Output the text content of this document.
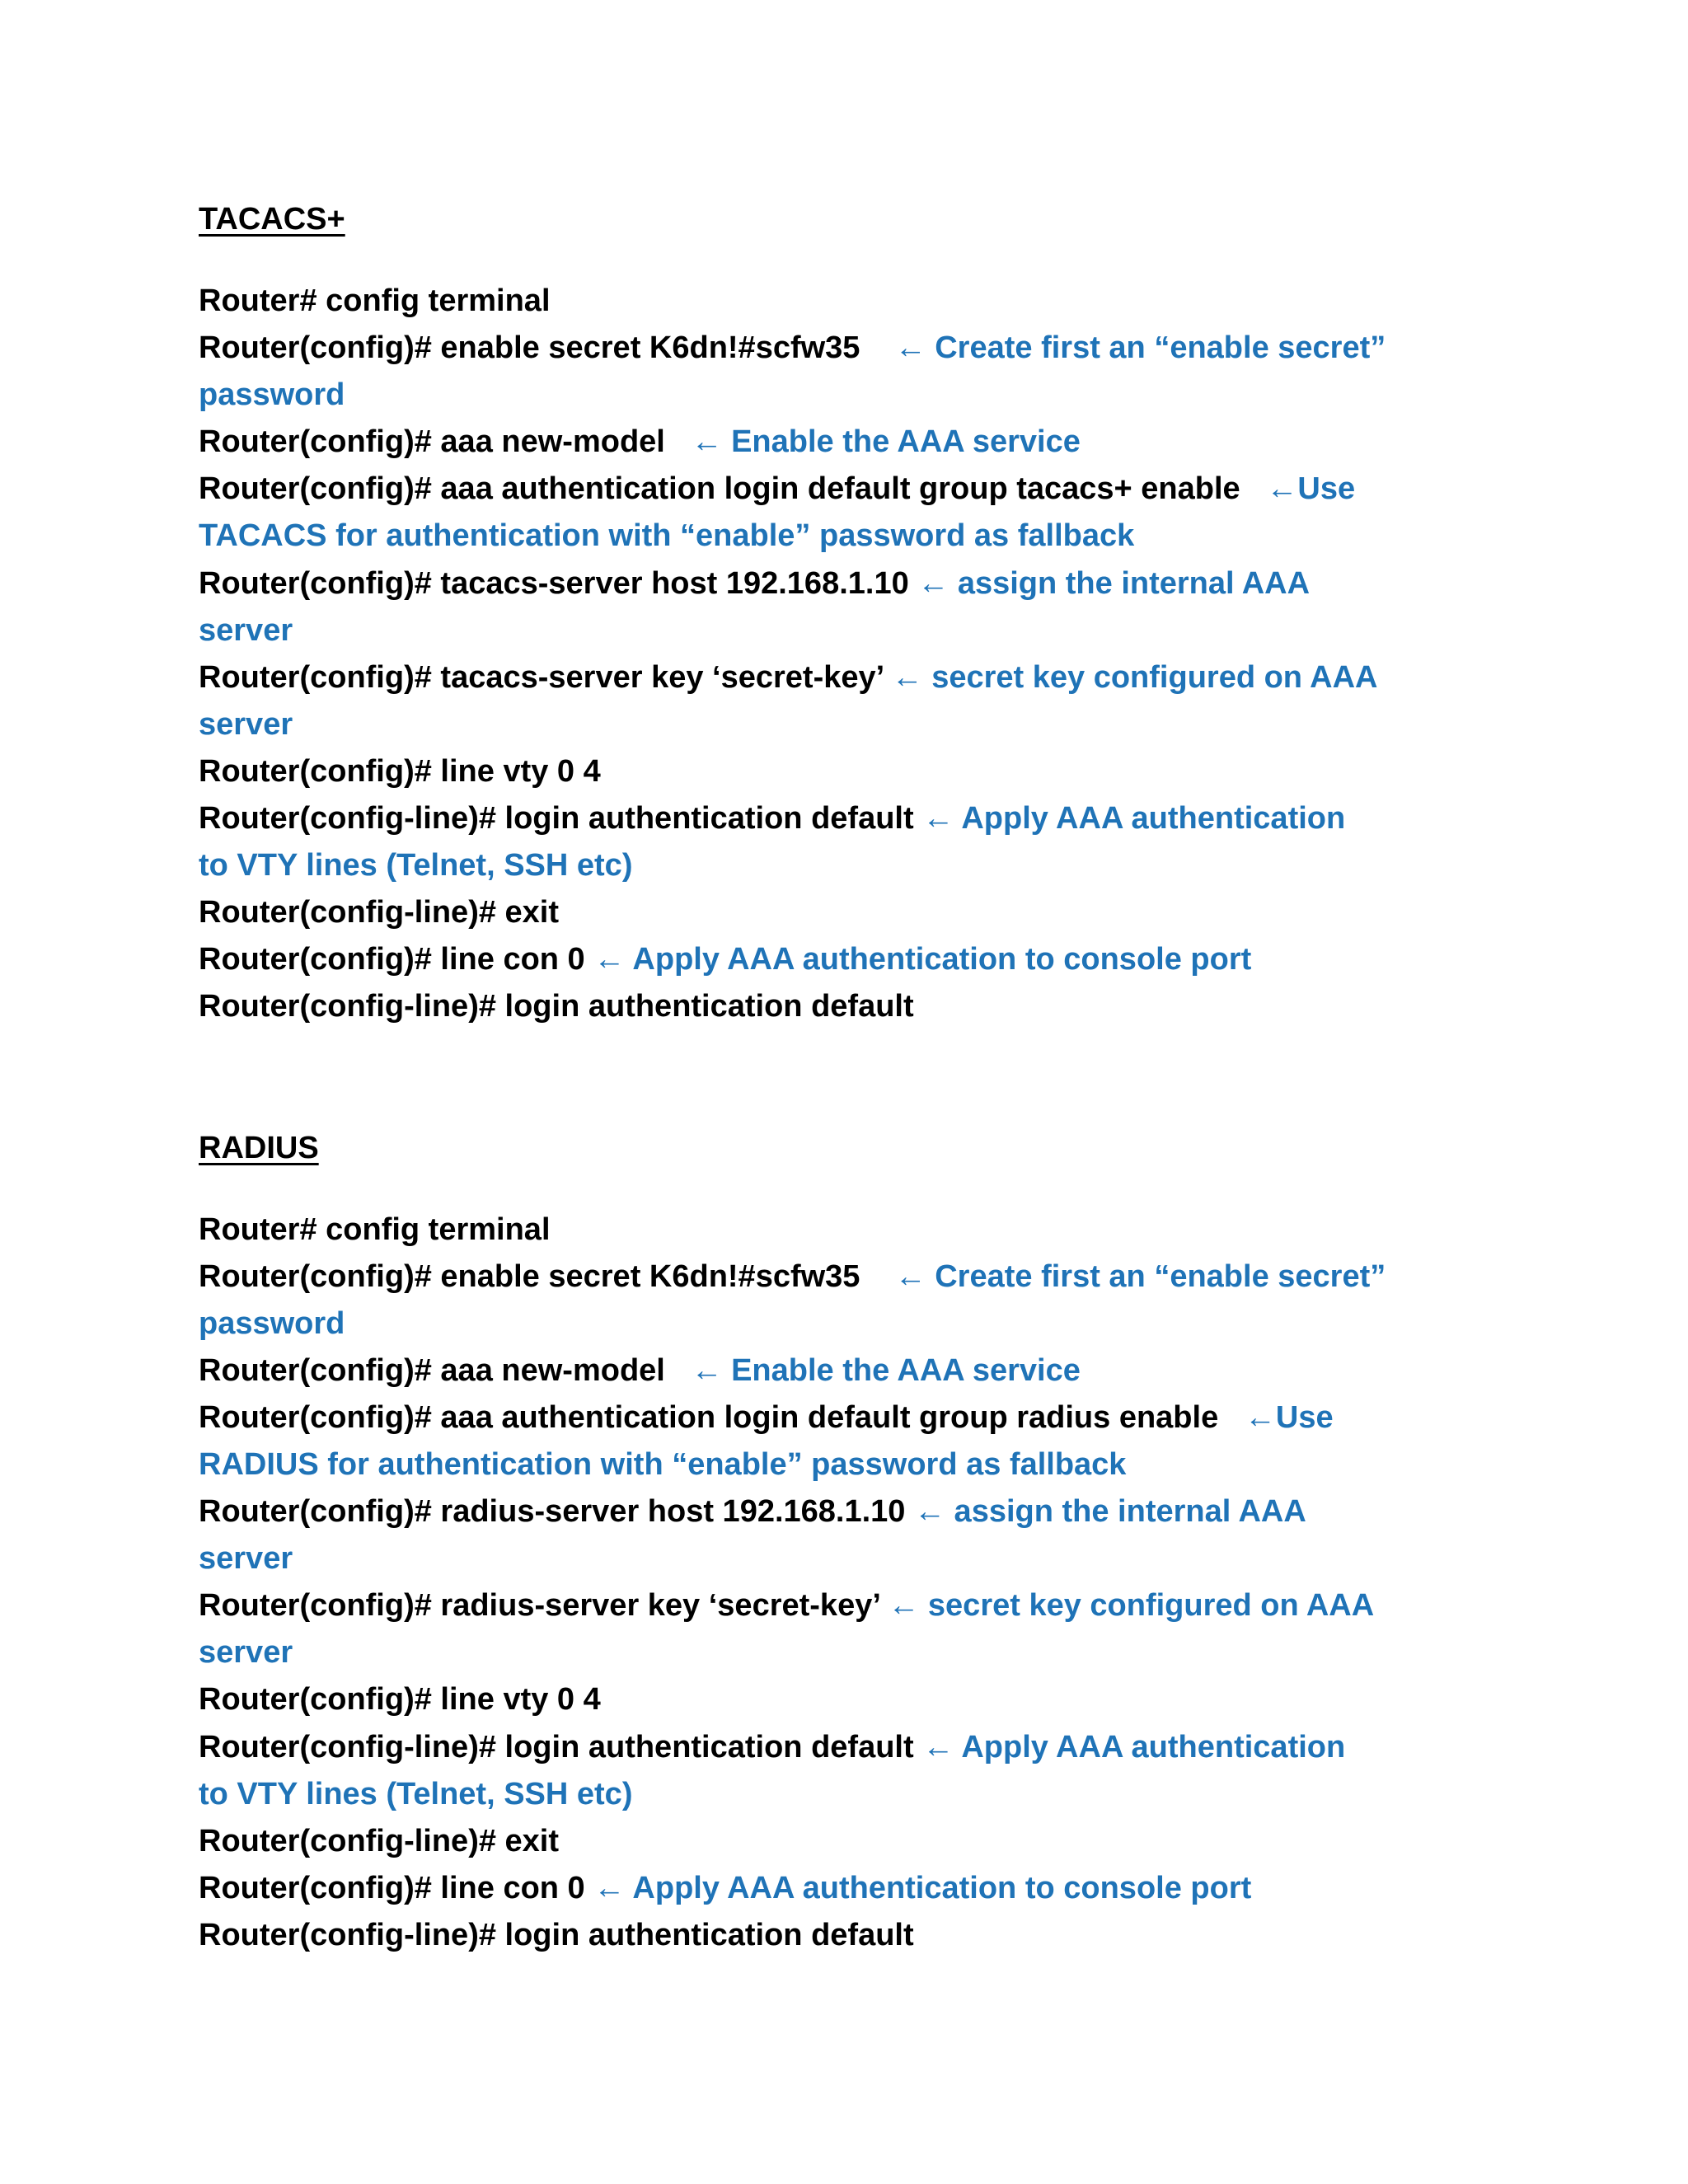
TACACS+
Router# config terminal
Router(config)# enable secret K6dn!#scfw35 ← Create first an “enable secret”
password
Router(config)# aaa new-model ← Enable the AAA service
Router(config)# aaa authentication login default group tacacs+ enable ←Use
TACACS for authentication with “enable” password as fallback
Router(config)# tacacs-server host 192.168.1.10 ← assign the internal AAA
server
Router(config)# tacacs-server key ‘secret-key’ ← secret key configured on AAA
server
Router(config)# line vty 0 4
Router(config-line)# login authentication default ← Apply AAA authentication
to VTY lines (Telnet, SSH etc)
Router(config-line)# exit
Router(config)# line con 0 ← Apply AAA authentication to console port
Router(config-line)# login authentication default
RADIUS
Router# config terminal
Router(config)# enable secret K6dn!#scfw35 ← Create first an “enable secret”
password
Router(config)# aaa new-model ← Enable the AAA service
Router(config)# aaa authentication login default group radius enable ←Use
RADIUS for authentication with “enable” password as fallback
Router(config)# radius-server host 192.168.1.10 ← assign the internal AAA
server
Router(config)# radius-server key ‘secret-key’ ← secret key configured on AAA
server
Router(config)# line vty 0 4
Router(config-line)# login authentication default ← Apply AAA authentication
to VTY lines (Telnet, SSH etc)
Router(config-line)# exit
Router(config)# line con 0 ← Apply AAA authentication to console port
Router(config-line)# login authentication default
